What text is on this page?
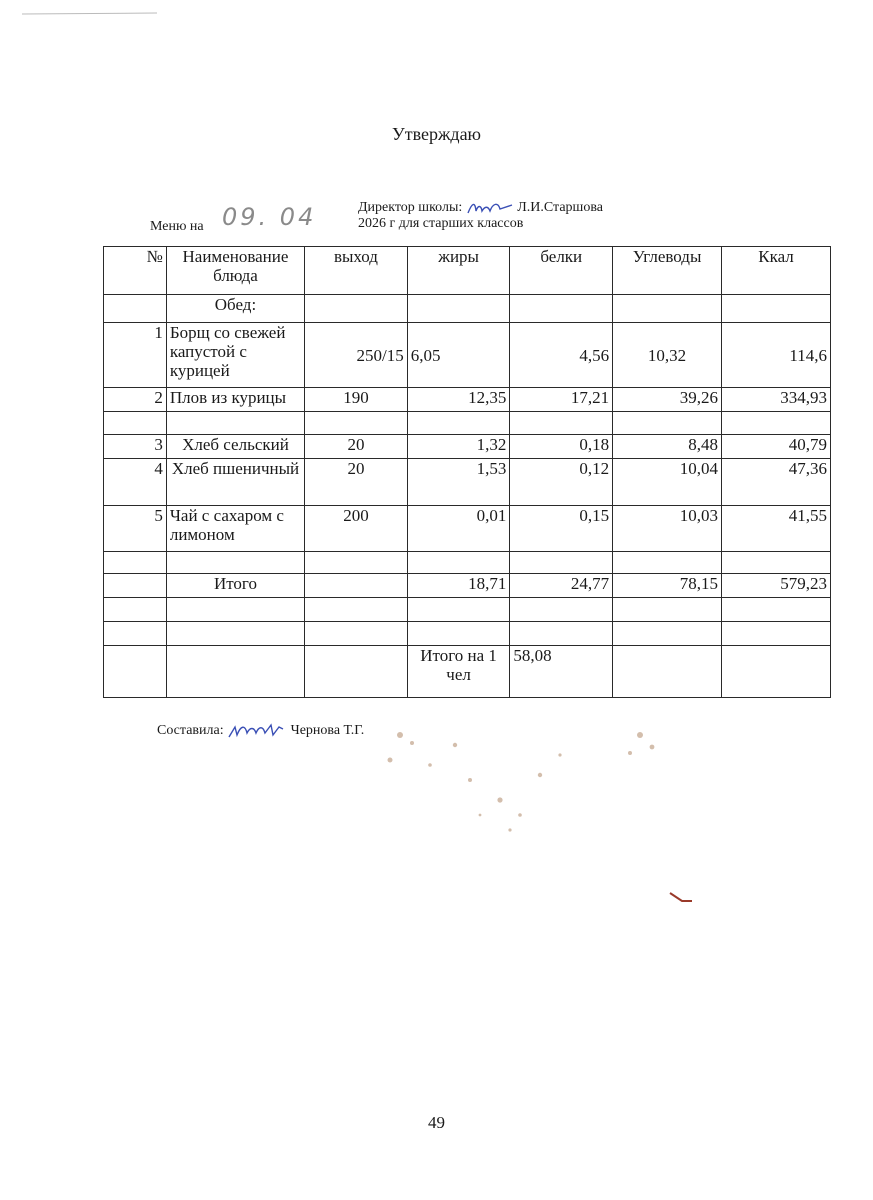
Утверждаю
Меню на 09. 04	Директор школы:	Л.И.Старшова
2026 г для старших классов
№	Наименование блюда	выход	жиры	белки	Углеводы	Ккал
	Обед:					
1	Борщ со свежей капустой с курицей	250/15	6,05	4,56	10,32	114,6
2	Плов из курицы	190	12,35	17,21	39,26	334,93

3	Хлеб сельский	20	1,32	0,18	8,48	40,79
4	Хлеб пшеничный	20	1,53	0,12	10,04	47,36
5	Чай с сахаром с лимоном	200	0,01	0,15	10,03	41,55

	Итого		18,71	24,77	78,15	579,23

			Итого на 1 чел	58,08		
Составила:	Чернова Т.Г.
49
